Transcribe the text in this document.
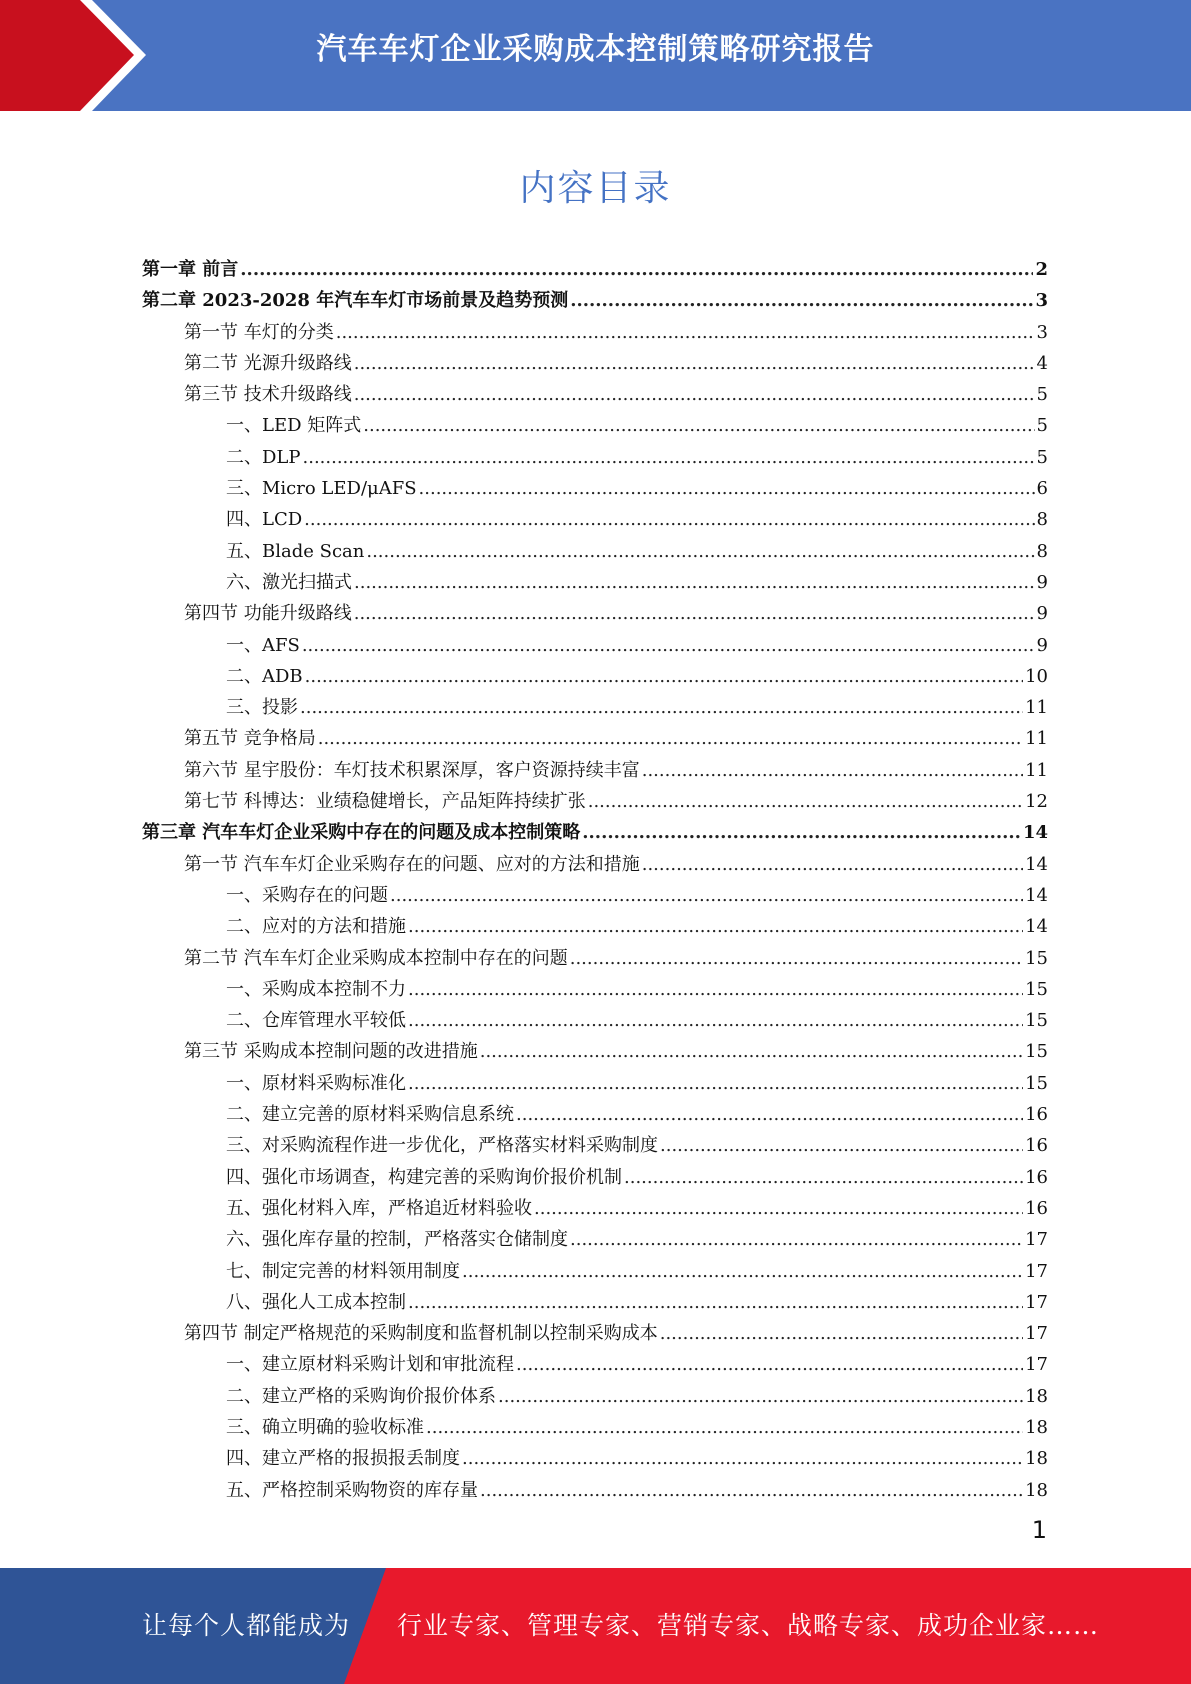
汽车车灯企业采购成本控制策略研究报告
内容目录
第一章 前言 .....	2
第二章 2023-2028 年汽车车灯市场前景及趋势预测 .....	3
第一节 车灯的分类 .....	3
第二节 光源升级路线 .....	4
第三节 技术升级路线 .....	5
一、LED 矩阵式 .....	5
二、DLP .....	5
三、Micro LED/μAFS .....	6
四、LCD .....	8
五、Blade Scan .....	8
六、激光扫描式 .....	9
第四节 功能升级路线 .....	9
一、AFS .....	9
二、ADB .....	10
三、投影 .....	11
第五节 竞争格局 .....	11
第六节 星宇股份：车灯技术积累深厚，客户资源持续丰富 .....	11
第七节 科博达：业绩稳健增长，产品矩阵持续扩张 .....	12
第三章 汽车车灯企业采购中存在的问题及成本控制策略 .....	14
第一节 汽车车灯企业采购存在的问题、应对的方法和措施 .....	14
一、采购存在的问题 .....	14
二、应对的方法和措施 .....	14
第二节 汽车车灯企业采购成本控制中存在的问题 .....	15
一、采购成本控制不力 .....	15
二、仓库管理水平较低 .....	15
第三节 采购成本控制问题的改进措施 .....	15
一、原材料采购标准化 .....	15
二、建立完善的原材料采购信息系统 .....	16
三、对采购流程作进一步优化，严格落实材料采购制度 .....	16
四、强化市场调查，构建完善的采购询价报价机制 .....	16
五、强化材料入库，严格追近材料验收 .....	16
六、强化库存量的控制，严格落实仓储制度 .....	17
七、制定完善的材料领用制度 .....	17
八、强化人工成本控制 .....	17
第四节 制定严格规范的采购制度和监督机制以控制采购成本 .....	17
一、建立原材料采购计划和审批流程 .....	17
二、建立严格的采购询价报价体系 .....	18
三、确立明确的验收标准 .....	18
四、建立严格的报损报丢制度 .....	18
五、严格控制采购物资的库存量 .....	18
1
让每个人都能成为 行业专家、管理专家、营销专家、战略专家、成功企业家……
